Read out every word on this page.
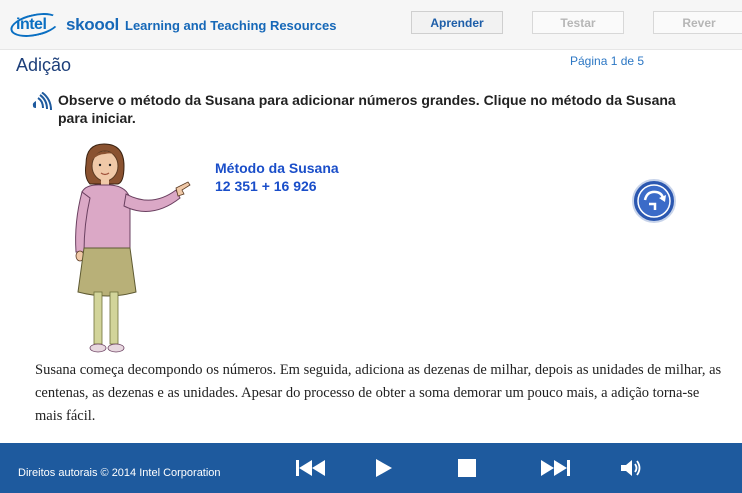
intel skoool Learning and Teaching Resources	Aprender	Testar	Rever
Adição	Página 1 de 5
Observe o método da Susana para adicionar números grandes. Clique no método da Susana para iniciar.
Método da Susana
12 351 + 16 926
Susana começa decompondo os números. Em seguida, adiciona as dezenas de milhar, depois as unidades de milhar, as centenas, as dezenas e as unidades. Apesar do processo de obter a soma demorar um pouco mais, a adição torna-se mais fácil.
Direitos autorais © 2014 Intel Corporation
